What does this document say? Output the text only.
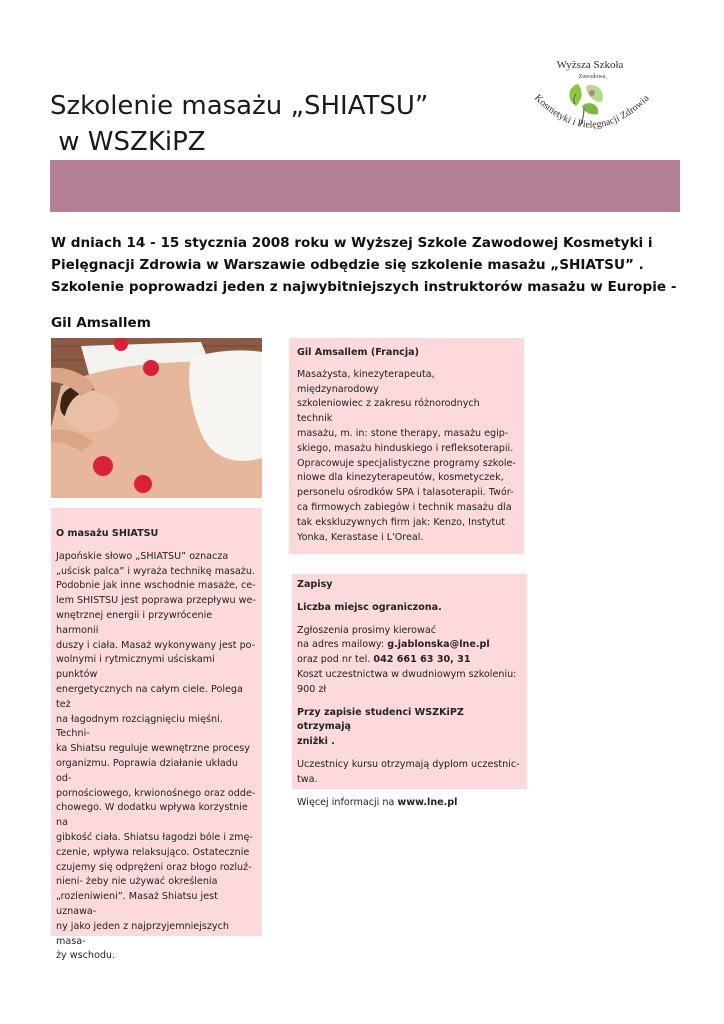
Szkolenie masażu „SHIATSU”
w WSZKiPZ
Wyższa Szkoła
Zawodowa
Kosmetyki i Pielęgnacji Zdrowia

W dniach 14 - 15 stycznia 2008 roku w Wyższej Szkole Zawodowej Kosmetyki i

Pielęgnacji Zdrowia w Warszawie odbędzie się szkolenie masażu „SHIATSU” .

Szkolenie poprowadzi jeden z najwybitniejszych instruktorów masażu w Europie -

Gil Amsallem

O masażu SHIATSU

Japońskie słowo „SHIATSU” oznacza

„uścisk palca” i wyraża technikę masażu.

Podobnie jak inne wschodnie masaże, ce-

lem SHISTSU jest poprawa przepływu we-

wnętrznej energii i przywrócenie harmonii

duszy i ciała. Masaż wykonywany jest po-

wolnymi i rytmicznymi uściskami punktów

energetycznych na całym ciele. Polega też

na łagodnym rozciągnięciu mięśni. Techni-

ka Shiatsu reguluje wewnętrzne procesy

organizmu. Poprawia działanie układu od-

pornościowego, krwionośnego oraz odde-

chowego. W dodatku wpływa korzystnie na

gibkość ciała. Shiatsu łagodzi bóle i zmę-

czenie, wpływa relaksująco. Ostatecznie

czujemy się odprężeni oraz błogo rozluź-

nieni- żeby nie używać określenia

„rozleniwieni”. Masaż Shiatsu jest uznawa-

ny jako jeden z najprzyjemniejszych masa-

ży wschodu.

Gil Amsallem (Francja)

Masażysta, kinezyterapeuta, międzynarodowy

szkoleniowiec z zakresu różnorodnych technik

masażu, m. in: stone therapy, masażu egip-

skiego, masażu hinduskiego i refleksoterapii.

Opracowuje specjalistyczne programy szkole-

niowe dla kinezyterapeutów, kosmetyczek,

personelu ośrodków SPA i talasoterapii. Twór-

ca firmowych zabiegów i technik masażu dla

tak ekskluzywnych firm jak: Kenzo, Instytut

Yonka, Kerastase i L'Oreal.

Zapisy

Liczba miejsc ograniczona.

Zgłoszenia prosimy kierować

na adres mailowy: g.jablonska@lne.pl

oraz pod nr tel. 042 661 63 30, 31

Koszt uczestnictwa w dwudniowym szkoleniu:

900 zł

Przy zapisie studenci WSZKiPZ otrzymają

zniżki .

Uczestnicy kursu otrzymają dyplom uczestnic-

twa.

Więcej informacji na www.lne.pl
